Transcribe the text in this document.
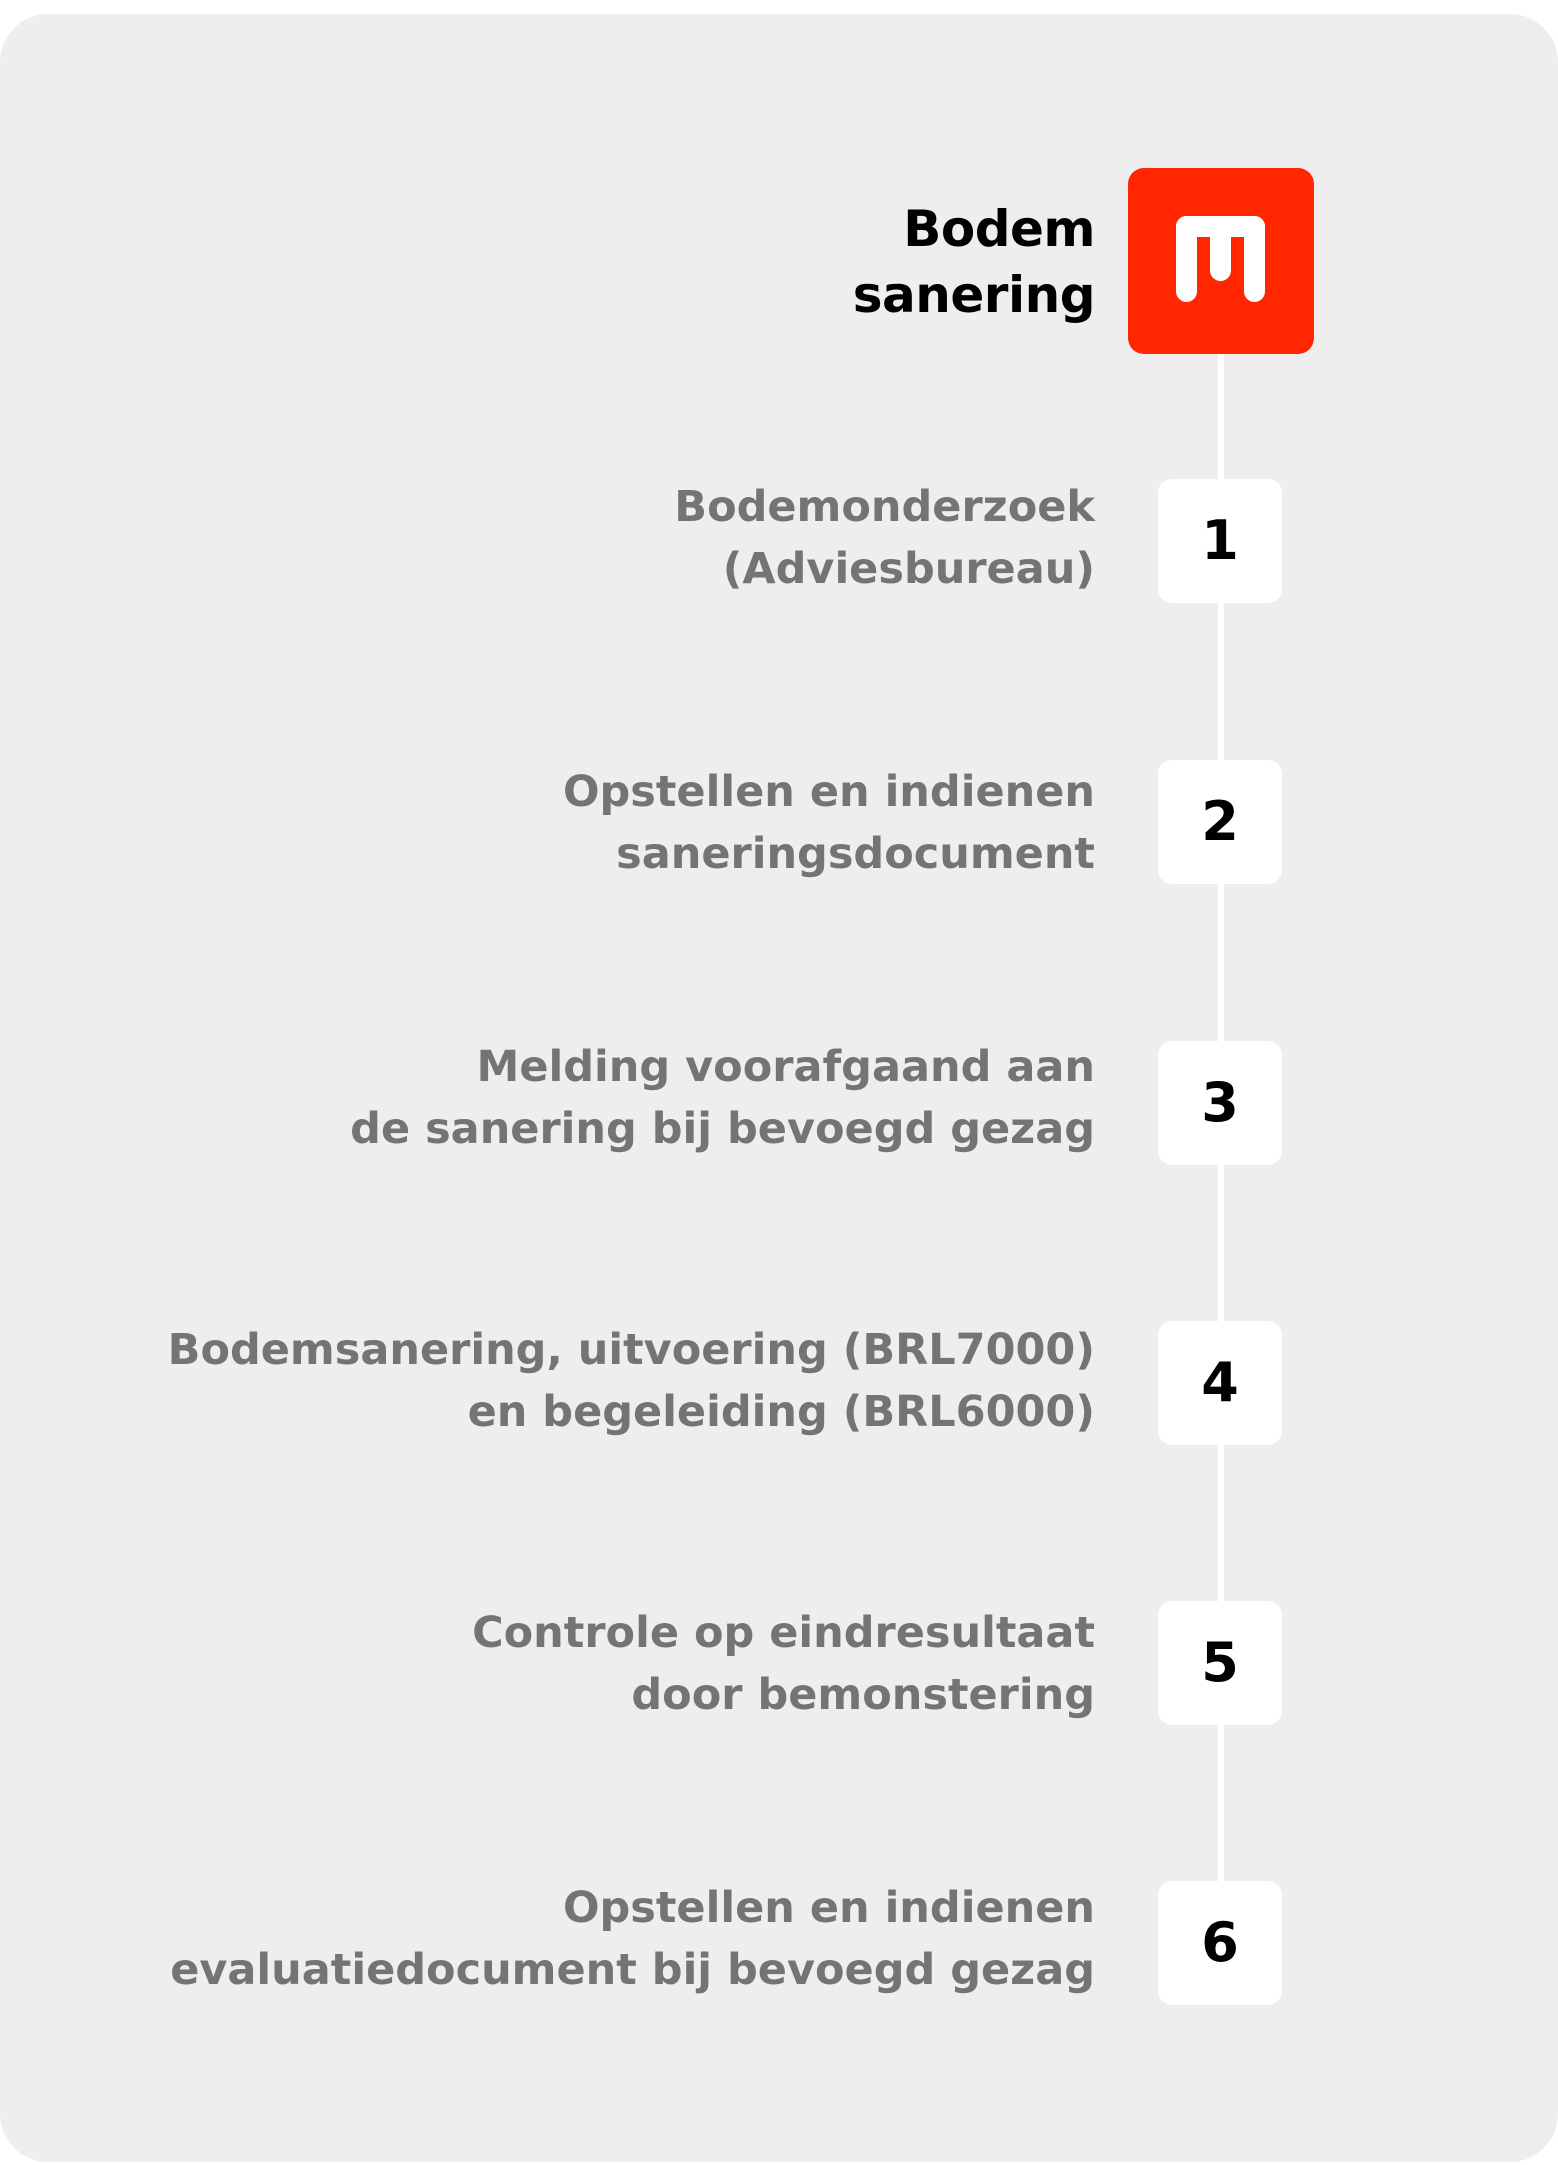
Bodem
sanering
Bodemonderzoek
(Adviesbureau)	1
Opstellen en indienen
saneringsdocument
2
Melding voorafgaand aan
de sanering bij bevoegd gezag	3
Bodemsanering, uitvoering (BRL7000)
en begeleiding (BRL6000)	4
Controle op eindresultaat
door bemonstering
5
Opstellen en indienen
evaluatiedocument bij bevoegd gezag	6
